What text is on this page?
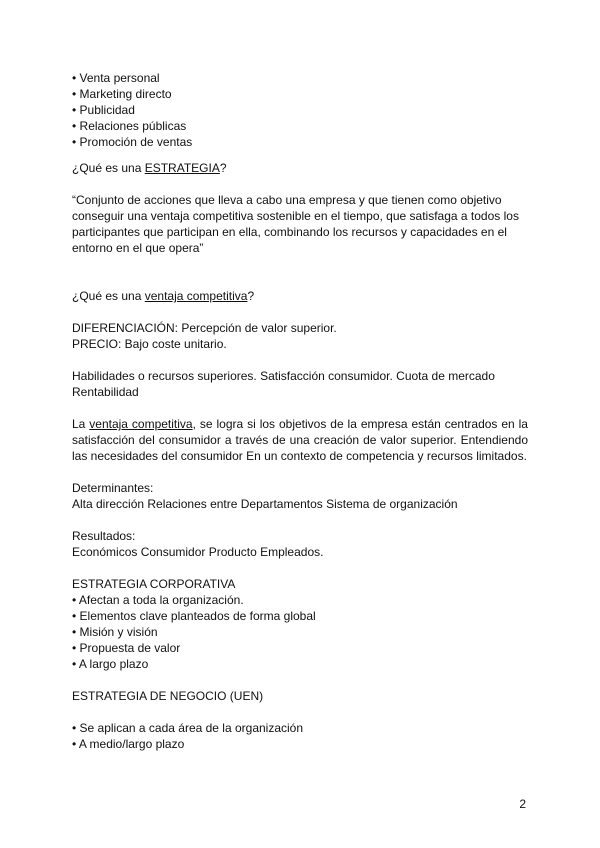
• Venta personal
• Marketing directo
• Publicidad
• Relaciones públicas
• Promoción de ventas

¿Qué es una ESTRATEGIA?

“Conjunto de acciones que lleva a cabo una empresa y que tienen como objetivo conseguir una ventaja competitiva sostenible en el tiempo, que satisfaga a todos los participantes que participan en ella, combinando los recursos y capacidades en el entorno en el que opera”

¿Qué es una ventaja competitiva?

DIFERENCIACIÓN: Percepción de valor superior.

PRECIO: Bajo coste unitario.

Habilidades o recursos superiores. Satisfacción consumidor. Cuota de mercado Rentabilidad

La ventaja competitiva, se logra si los objetivos de la empresa están centrados en la satisfacción del consumidor a través de una creación de valor superior. Entendiendo las necesidades del consumidor En un contexto de competencia y recursos limitados.

Determinantes:

Alta dirección Relaciones entre Departamentos Sistema de organización

Resultados:

Económicos Consumidor Producto Empleados.

ESTRATEGIA CORPORATIVA

• Afectan a toda la organización.
• Elementos clave planteados de forma global
• Misión y visión
• Propuesta de valor
• A largo plazo

ESTRATEGIA DE NEGOCIO (UEN)

• Se aplican a cada área de la organización
• A medio/largo plazo
2
